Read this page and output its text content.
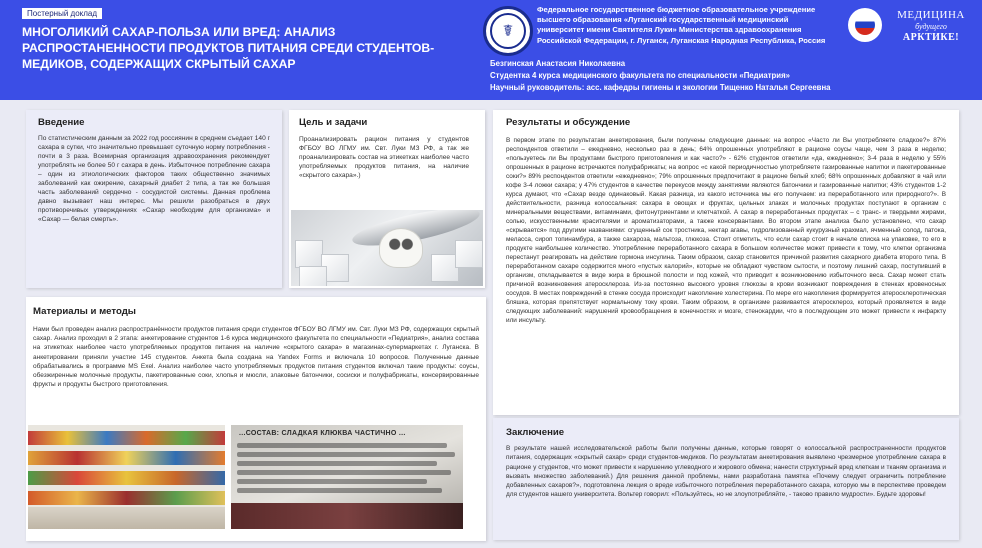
Постерный доклад
МНОГОЛИКИЙ САХАР-ПОЛЬЗА ИЛИ ВРЕД: АНАЛИЗ РАСПРОСТАНЕННОСТИ ПРОДУКТОВ ПИТАНИЯ СРЕДИ СТУДЕНТОВ-МЕДИКОВ, СОДЕРЖАЩИХ СКРЫТЫЙ САХАР
☤
Федеральное государственное бюджетное образовательное учреждение высшего образования «Луганский государственный медицинский университет имени Святителя Луки» Министерства здравоохранения Российской Федерации, г. Луганск, Луганская Народная Республика, Россия
МЕДИЦИНА
будущего
АРКТИКЕ!
Безгинская Анастасия Николаевна
Студентка 4 курса медицинского факультета по специальности «Педиатрия»
Научный руководитель: асс. кафедры гигиены и экологии Тищенко Наталья Сергеевна
Введение

По статистическим данным за 2022 год россиянин в среднем съедает 140 г сахара в сутки, что значительно превышает суточную норму потребления - почти в 3 раза. Всемирная организация здравоохранения рекомендует употреблять не более 50 г сахара в день. Избыточное потребление сахара – один из этиологических факторов таких общественно значимых заболеваний как ожирение, сахарный диабет 2 типа, а так же большая часть заболеваний сердечно - сосудистой системы. Данная проблема давно вызывает наш интерес. Мы решили разобраться в двух противоречивых утверждениях «Сахар необходим для организма» и «Сахар — белая смерть».

Цель и задачи

Проанализировать рацион питания у студентов ФГБОУ ВО ЛГМУ им. Свт. Луки МЗ РФ, а так же проанализировать состав на этикетках наиболее часто употребляемых продуктов питания, на наличие «скрытого сахара».)

Материалы и методы

Нами был проведен анализ распространённости продуктов питания среди студентов ФГБОУ ВО ЛГМУ им. Свт. Луки МЗ РФ, содержащих скрытый сахар. Анализ проходил в 2 этапа: анкетирование студентов 1-6 курса медицинского факультета по специальности «Педиатрия», анализ состава на этикетках наиболее часто употребляемых продуктов питания на наличие «скрытого сахара» в магазинах-супермаркетах г. Луганска. В анкетировании приняли участие 145 студентов. Анкета была создана на Yandex Forms и включала 10 вопросов. Полученные данные обрабатывались в программе MS Exel. Анализ наиболее часто употребляемых продуктов питания студентов включал такие продукты: соусы, обезжиренные молочные продукты, пакетированные соки, хлопья и мюсли, злаковые батончики, сосиски и полуфабрикаты, консервированные фрукты и продукты быстрого приготовления.

...СОСТАВ: СЛАДКАЯ КЛЮКВА ЧАСТИЧНО ...
Результаты и обсуждение

В первом этапе по результатам анкетирования, были получены следующие данные: на вопрос «Часто ли Вы употребляете сладкое?» 87% респондентов ответили – ежедневно, несколько раз в день; 64% опрошенных употребляют в рационе соусы чаще, чем 3 раза в неделю; «пользуетесь ли Вы продуктами быстрого приготовления и как часто?» - 62% студентов ответили «да, ежедневно»; 3-4 раза в неделю у 55% опрошенных в рационе встречаются полуфабрикаты; на вопрос «с какой периодичностью употребляете газированные напитки и пакетированные соки?» 89% респондентов ответили «ежедневно»; 79% опрошенных предпочитают в рационе белый хлеб; 68% опрошенных добавляют в чай или кофе 3-4 ложки сахара; у 47% студентов в качестве перекусов между занятиями являются батончики и газированные напитки; 43% студентов 1-2 курса думают, что «Сахар везде одинаковый. Какая разница, из какого источника мы его получаем: из переработанного или природного?». В действительности, разница колоссальная: сахара в овощах и фруктах, цельных злаках и молочных продуктах поступают в организм с минеральными веществами, витаминами, фитонутриентами и клетчаткой. А сахар в переработанных продуктах – с транс- и твердыми жирами, солью, искусственными красителями и ароматизаторами, а также консервантами. Во втором этапе анализа было установлено, что сахар «скрывается» под другими названиями: сгущенный сок тростника, нектар агавы, гидролизованный кукурузный крахмал, ячменный солод, патока, меласса, сироп топинамбура, а также сахароза, мальтоза, глюкоза. Стоит отметить, что если сахар стоит в начале списка на упаковке, то его в продукте наибольшее количество. Употребление переработанного сахара в большом количестве может привести к тому, что клетки организма перестанут реагировать на действие гормона инсулина. Таким образом, сахар становится причиной развития сахарного диабета второго типа. В переработанном сахаре содержится много «пустых калорий», которые не обладают чувством сытости, и поэтому лишний сахар, поступивший в организм, откладывается в виде жира в брюшной полости и под кожей, что приводит к возникновению избыточного веса. Сахар может стать причиной возникновения атеросклероза. Из-за постоянно высокого уровня глюкозы в крови возникают повреждения в стенках кровеносных сосудов. В местах повреждений в стенке сосуда происходит накопление холестерина. По мере его накопления формируется атеросклеротическая бляшка, которая препятствует нормальному току крови. Таким образом, в организме развивается атеросклероз, который проявляется в виде следующих заболеваний: нарушений кровообращения в конечностях и мозге, стенокардии, что в последующем это может привести к инфаркту или инсульту.

Заключение

В результате нашей исследовательской работы были получены данные, которые говорят о колоссальной распространенности продуктов питания, содержащих «скрытый сахар» среди студентов-медиков. По результатам анкетирования выявлено чрезмерное употребление сахара в рационе у студентов, что может привести к нарушению углеводного и жирового обмена; нанести структурный вред клеткам и тканям организма и вызвать множество заболеваний.) Для решения данной проблемы, нами разработана памятка «Почему следует ограничить потребление добавленных сахаров?», подготовлена лекция о вреде избыточного потребления переработанного сахара, которую мы в перспективе проведем для студентов нашего университета. Вольтер говорил: «Пользуйтесь, но не злоупотребляйте, - таково правило мудрости». Будьте здоровы!
